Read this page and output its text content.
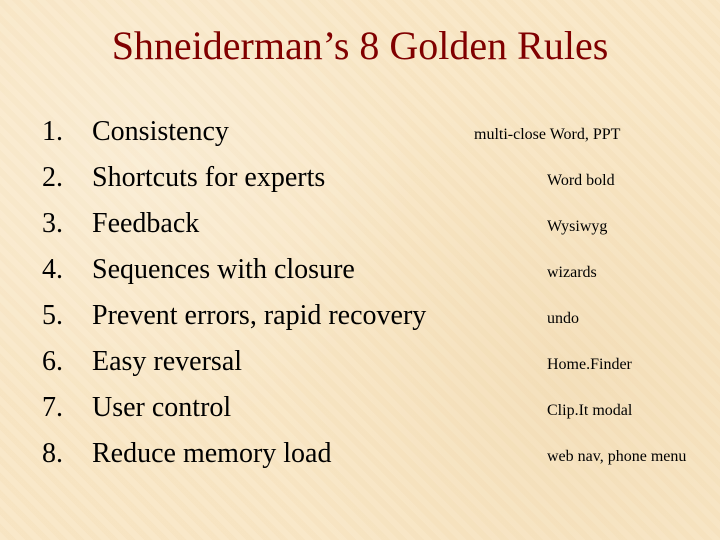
Shneiderman’s 8 Golden Rules
1.	Consistency	multi-close Word, PPT
2.	Shortcuts for experts	Word bold
3.	Feedback	Wysiwyg
4.	Sequences with closure	wizards
5.	Prevent errors, rapid recovery	undo
6.	Easy reversal	Home.Finder
7.	User control	Clip.It modal
8.	Reduce memory load	web nav, phone menu
